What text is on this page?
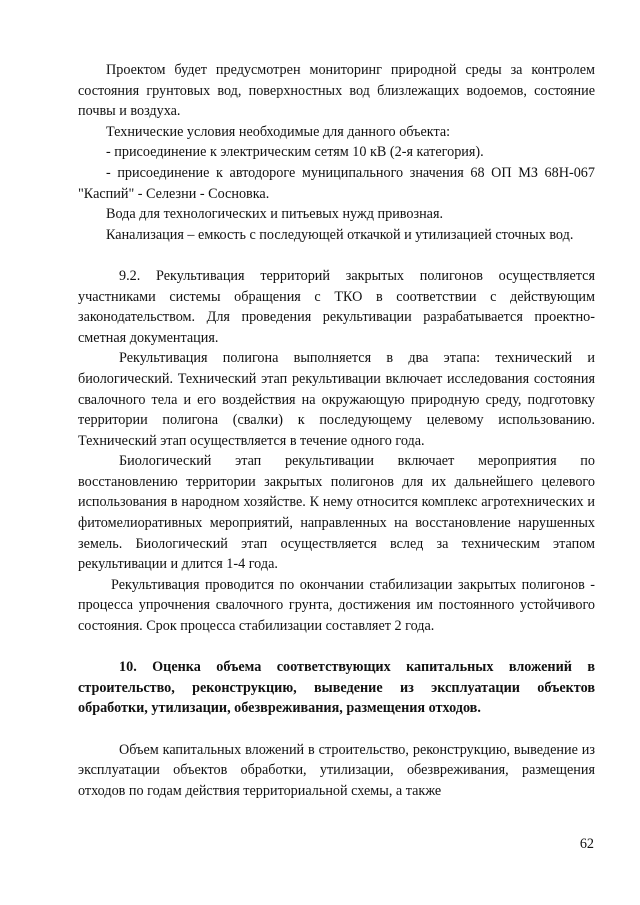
Проектом будет предусмотрен мониторинг природной среды за контролем состояния грунтовых вод, поверхностных вод близлежащих водоемов, состояние почвы и воздуха.

Технические условия необходимые для данного объекта:

- присоединение к электрическим сетям 10 кВ (2-я категория).

- присоединение к автодороге муниципального значения 68 ОП МЗ 68Н-067 "Каспий" - Селезни - Сосновка.

Вода для технологических и питьевых нужд привозная.

Канализация – емкость с последующей откачкой и утилизацией сточных вод.

9.2. Рекультивация территорий закрытых полигонов осуществляется участниками системы обращения с ТКО в соответствии с действующим законодательством. Для проведения рекультивации разрабатывается проектно-сметная документация.

Рекультивация полигона выполняется в два этапа: технический и биологический. Технический этап рекультивации включает исследования состояния свалочного тела и его воздействия на окружающую природную среду, подготовку территории полигона (свалки) к последующему целевому использованию. Технический этап осуществляется в течение одного года.

Биологический этап рекультивации включает мероприятия по восстановлению территории закрытых полигонов для их дальнейшего целевого использования в народном хозяйстве. К нему относится комплекс агротехнических и фитомелиоративных мероприятий, направленных на восстановление нарушенных земель. Биологический этап осуществляется вслед за техническим этапом рекультивации и длится 1-4 года.

Рекультивация проводится по окончании стабилизации закрытых полигонов - процесса упрочнения свалочного грунта, достижения им постоянного устойчивого состояния. Срок процесса стабилизации составляет 2 года.

10. Оценка объема соответствующих капитальных вложений в строительство, реконструкцию, выведение из эксплуатации объектов обработки, утилизации, обезвреживания, размещения отходов.

Объем капитальных вложений в строительство, реконструкцию, выведение из эксплуатации объектов обработки, утилизации, обезвреживания, размещения отходов по годам действия территориальной схемы, а также

62
